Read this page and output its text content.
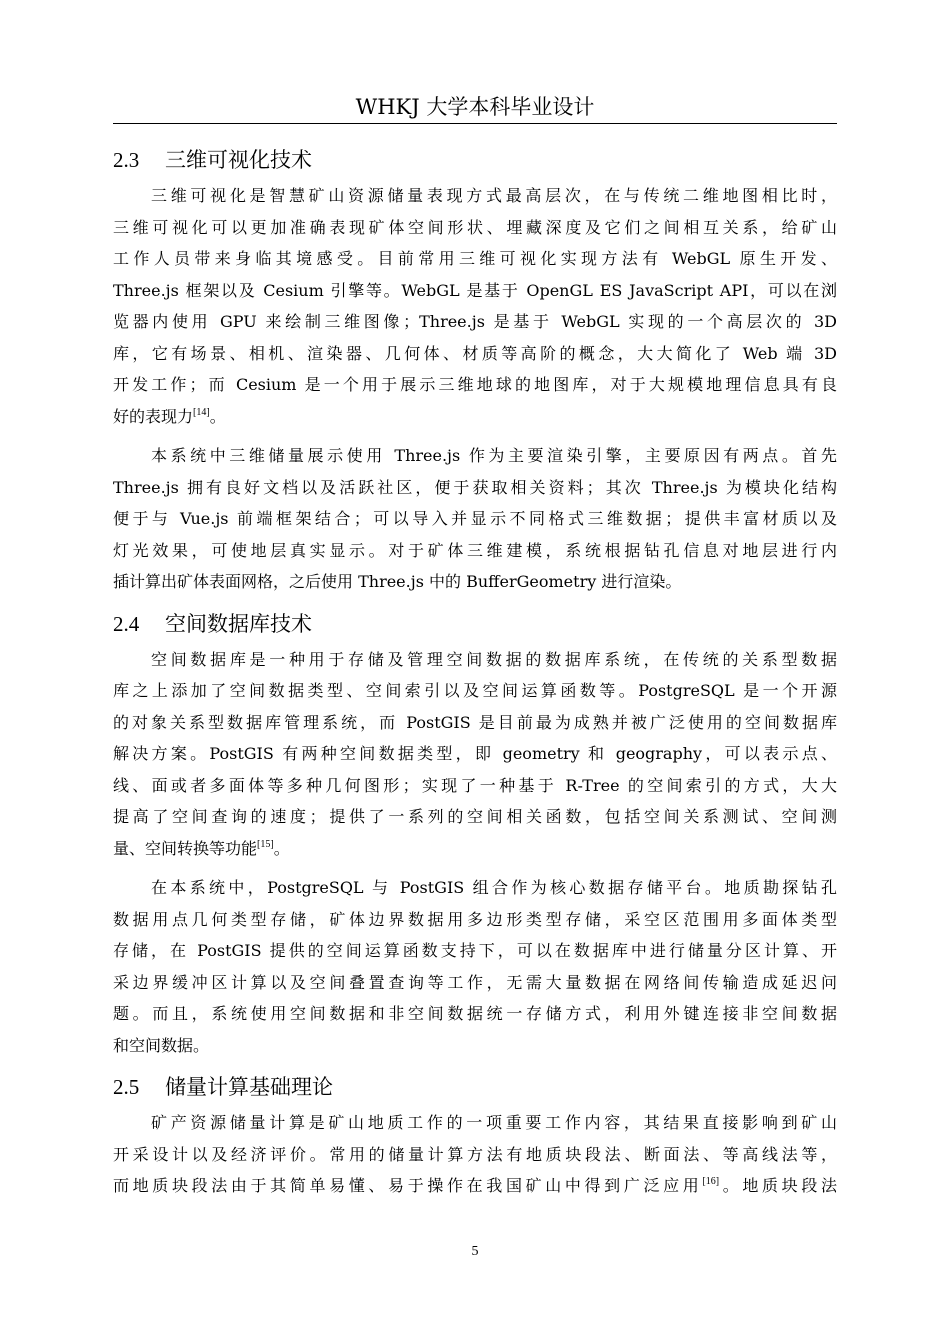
WHKJ 大学本科毕业设计
2.3 三维可视化技术
三维可视化是智慧矿山资源储量表现方式最高层次，在与传统二维地图相比时，
三维可视化可以更加准确表现矿体空间形状、埋藏深度及它们之间相互关系，给矿山
工作人员带来身临其境感受。目前常用三维可视化实现方法有 WebGL 原生开发、
Three.js 框架以及 Cesium 引擎等。WebGL 是基于 OpenGL ES JavaScript API，可以在浏
览器内使用 GPU 来绘制三维图像；Three.js 是基于 WebGL 实现的一个高层次的 3D
库，它有场景、相机、渲染器、几何体、材质等高阶的概念，大大简化了 Web 端 3D
开发工作；而 Cesium 是一个用于展示三维地球的地图库，对于大规模地理信息具有良
好的表现力[14]。
本系统中三维储量展示使用 Three.js 作为主要渲染引擎，主要原因有两点。首先
Three.js 拥有良好文档以及活跃社区，便于获取相关资料；其次 Three.js 为模块化结构
便于与 Vue.js 前端框架结合；可以导入并显示不同格式三维数据；提供丰富材质以及
灯光效果，可使地层真实显示。对于矿体三维建模，系统根据钻孔信息对地层进行内
插计算出矿体表面网格，之后使用 Three.js 中的 BufferGeometry 进行渲染。
2.4 空间数据库技术
空间数据库是一种用于存储及管理空间数据的数据库系统，在传统的关系型数据
库之上添加了空间数据类型、空间索引以及空间运算函数等。PostgreSQL 是一个开源
的对象关系型数据库管理系统，而 PostGIS 是目前最为成熟并被广泛使用的空间数据库
解决方案。PostGIS 有两种空间数据类型，即 geometry 和 geography，可以表示点、
线、面或者多面体等多种几何图形；实现了一种基于 R-Tree 的空间索引的方式，大大
提高了空间查询的速度；提供了一系列的空间相关函数，包括空间关系测试、空间测
量、空间转换等功能[15]。
在本系统中，PostgreSQL 与 PostGIS 组合作为核心数据存储平台。地质勘探钻孔
数据用点几何类型存储，矿体边界数据用多边形类型存储，采空区范围用多面体类型
存储，在 PostGIS 提供的空间运算函数支持下，可以在数据库中进行储量分区计算、开
采边界缓冲区计算以及空间叠置查询等工作，无需大量数据在网络间传输造成延迟问
题。而且，系统使用空间数据和非空间数据统一存储方式，利用外键连接非空间数据
和空间数据。
2.5 储量计算基础理论
矿产资源储量计算是矿山地质工作的一项重要工作内容，其结果直接影响到矿山
开采设计以及经济评价。常用的储量计算方法有地质块段法、断面法、等高线法等，
而地质块段法由于其简单易懂、易于操作在我国矿山中得到广泛应用[16]。地质块段法
5
